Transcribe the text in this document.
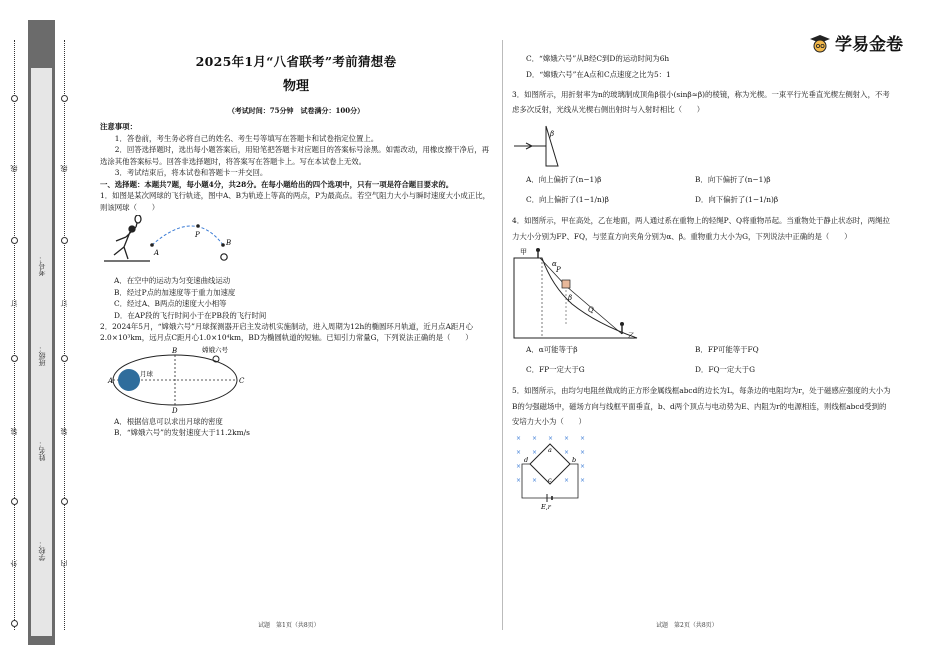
线
订
装
外
学校：
姓名：
班级：
考号：
线
订
装
内
2025年1月“八省联考”考前猜想卷
物理
（考试时间：75分钟　试卷满分：100分）

注意事项：

1．答卷前，考生务必将自己的姓名、考生号等填写在答题卡和试卷指定位置上。

2．回答选择题时，选出每小题答案后，用铅笔把答题卡对应题目的答案标号涂黑。如需改动，用橡皮擦干净后，再选涂其他答案标号。回答非选择题时，将答案写在答题卡上。写在本试卷上无效。

3．考试结束后，将本试卷和答题卡一并交回。

一、选择题：本题共7题，每小题4分，共28分。在每小题给出的四个选项中，只有一项是符合题目要求的。

1．如图是某次网球的飞行轨迹，图中A、B为轨迹上等高的两点，P为最高点。若空气阻力大小与瞬时速度大小成正比，则该网球（　　）

A
B
P

A．在空中的运动为匀变速曲线运动

B．经过P点的加速度等于重力加速度

C．经过A、B两点的速度大小相等

D．在AP段的飞行时间小于在PB段的飞行时间

2．2024年5月，“嫦娥六号”月球探测器开启主发动机实施制动，进入周期为12h的椭圆环月轨道，近月点A距月心2.0×10³km，远月点C距月心1.0×10⁴km，BD为椭圆轨道的短轴。已知引力常量G，下列说法正确的是（　　）

A
B
C
D
月球
嫦娥六号

A．根据信息可以求出月球的密度

B．“嫦娥六号”的发射速度大于11.2km/s

试题　第1页（共8页）

C．“嫦娥六号”从B经C到D的运动时间为6h

D．“嫦娥六号”在A点和C点速度之比为5：1

3．如图所示，用折射率为n的玻璃制成顶角β很小(sinβ≈β)的棱镜，称为光楔。一束平行光垂直光楔左侧射入，不考虑多次反射，光线从光楔右侧出射时与入射时相比（　　）

β
A．向上偏折了(n−1)β	B．向下偏折了(n−1)β
C．向上偏折了(1−1/n)β	D．向下偏折了(1−1/n)β

4．如图所示，甲在高处，乙在地面，两人通过系在重物上的轻绳P、Q将重物吊起。当重物处于静止状态时，两绳拉力大小分别为FP、FQ，与竖直方向夹角分别为α、β。重物重力大小为G，下列说法中正确的是（　　）

甲
乙
P
Q
α
β
A．α可能等于β	B．FP可能等于FQ
C．FP一定大于G	D．FQ一定大于G

5．如图所示，由均匀电阻丝做成的正方形金属线框abcd的边长为L，每条边的电阻均为r，处于磁感应强度的大小为B的匀强磁场中，磁场方向与线框平面垂直，b、d两个顶点与电动势为E、内阻为r的电源相连，则线框abcd受到的安培力大小为（　　）

× × × × ×
× ×	× ×
×	×
× ×	× ×
a
b
c
d
E,r
试题　第2页（共8页）
学易金卷
